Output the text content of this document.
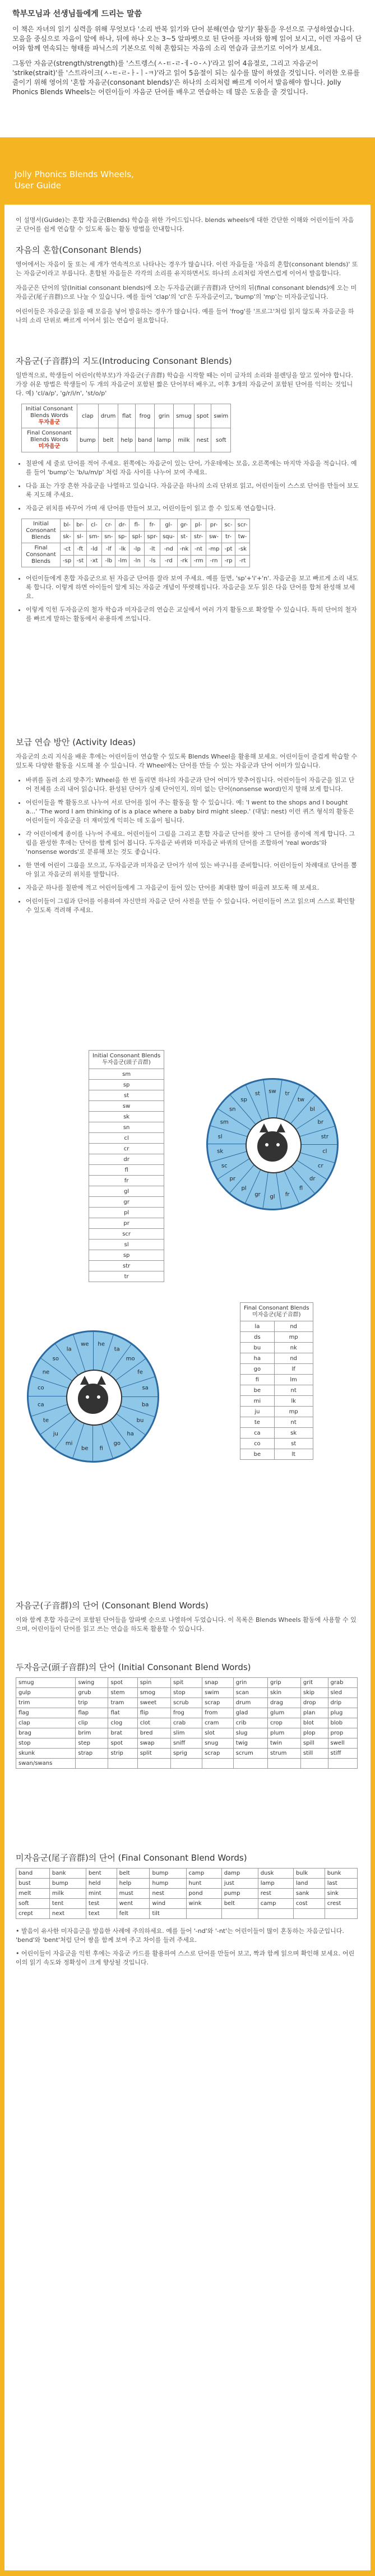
학부모님과 선생님들에게 드리는 말씀
이 책은 자녀의 읽기 실력을 위해 무엇보다 '소리 반복 읽기와 단어 분해(연습 알기)' 활동을 우선으로 구성하였습니다. 모음을 중심으로 자음이 앞에 하나, 뒤에 하나 오는 3~5 알파벳으로 된 단어를 자녀와 함께 읽어 보시고, 이런 자음이 단어와 함께 연속되는 형태를 파닉스의 기본으로 익혀 혼합되는 자음의 소리 연습과 글쓰기로 이어가 보세요.
그동안 자음군(strength/strength)를 '스트렝스(ㅅ-ㅌ-ㄹ-ㅔ-ㅇ-ㅅ)'라고 읽어 4음절로, 그리고 자음군이 'strike(strait)'를 '스트라이크(ㅅ-ㅌ-ㄹ-ㅏ-ㅣ-ㅋ)'라고 읽어 5음절이 되는 실수를 많이 하였을 것입니다. 이러한 오류를 줄이기 위해 영어의 '혼합 자음군(consonant blends)'은 하나의 소리처럼 빠르게 이어서 발음해야 합니다. Jolly Phonics Blends Wheels는 어린이들이 자음군 단어를 배우고 연습하는 데 많은 도움을 줄 것입니다.
Jolly Phonics Blends Wheels,
User Guide
이 설명서(Guide)는 혼합 자음군(Blends) 학습을 위한 가이드입니다. blends wheels에 대한 간단한 이해와 어린이들이 자음군 단어를 쉽게 연습할 수 있도록 돕는 활동 방법을 안내합니다.
자음의 혼합(Consonant Blends)
영어에서는 자음이 둘 또는 세 개가 연속적으로 나타나는 경우가 많습니다. 이런 자음들을 '자음의 혼합(consonant blends)' 또는 자음군이라고 부릅니다. 혼합된 자음들은 각각의 소리를 유지하면서도 하나의 소리처럼 자연스럽게 이어서 발음합니다.
자음군은 단어의 앞(Initial consonant blends)에 오는 두자음군(頭子音群)과 단어의 뒤(final consonant blends)에 오는 미자음군(尾子音群)으로 나눌 수 있습니다. 예를 들어 'clap'의 'cl'은 두자음군이고, 'bump'의 'mp'는 미자음군입니다.
어린이들은 자음군을 읽을 때 모음을 넣어 발음하는 경우가 많습니다. 예를 들어 'frog'를 '프로그'처럼 읽지 않도록 자음군을 하나의 소리 단위로 빠르게 이어서 읽는 연습이 필요합니다.
자음군(子音群)의 지도(Introducing Consonant Blends)
일반적으로, 학생들이 어린이(학부모)가 자음군(子音群) 학습을 시작할 때는 이미 글자의 소리와 블렌딩을 알고 있어야 합니다. 가장 쉬운 방법은 학생들이 두 개의 자음군이 포함된 짧은 단어부터 배우고, 이후 3개의 자음군이 포함된 단어를 익히는 것입니다. 예) 'cl/a/p', 'g/r/i/n', 'st/o/p'
Initial Consonant Blends Words
두자음군	clap	drum	flat	frog	grin	smug	spot	swim

Final Consonant Blends Words
미자음군	bump	belt	help	band	lamp	milk	nest	soft
• 칠판에 세 줄로 단어를 적어 주세요. 왼쪽에는 자음군이 있는 단어, 가운데에는 모음, 오른쪽에는 마지막 자음을 적습니다. 예를 들어 'bump'는 'b/u/m/p' 처럼 자음 사이를 나누어 보여 주세요.
• 다음 표는 가장 흔한 자음군을 나열하고 있습니다. 자음군을 하나의 소리 단위로 읽고, 어린이들이 스스로 단어를 만들어 보도록 지도해 주세요.
• 자음군 위치를 바꾸어 가며 새 단어를 만들어 보고, 어린이들이 읽고 쓸 수 있도록 연습합니다.
Initial Consonant Blends	bl-	br-	cl-	cr-	dr-	fl-	fr-	gl-	gr-	pl-	pr-	sc-	scr-
	sk-	sl-	sm-	sn-	sp-	spl-	spr-	squ-	st-	str-	sw-	tr-	tw-
Final Consonant Blends	-ct	-ft	-ld	-lf	-lk	-lp	-lt	-nd	-nk	-nt	-mp	-pt	-sk
	-sp	-st	-xt	-lb	-lm	-ln	-ls	-rd	-rk	-rm	-rn	-rp	-rt
• 어린이들에게 혼합 자음군으로 된 자음군 단어를 잘라 보여 주세요. 예를 들면, 'sp'+'i'+'n'. 자음군을 보고 빠르게 소리 내도록 합니다. 이렇게 하면 아이들이 알게 되는 자음군 개념이 뚜렷해집니다. 자음군을 모두 읽은 다음 단어를 합쳐 완성해 보세요.
• 이렇게 익힌 두자음군의 철자 학습과 미자음군의 연습은 교실에서 여러 가지 활동으로 확장할 수 있습니다. 특히 단어의 철자를 빠르게 말하는 활동에서 유용하게 쓰입니다.
보급 연습 방안 (Activity Ideas)
자음군의 소리 지식을 배운 후에는 어린이들이 연습할 수 있도록 Blends Wheel을 활용해 보세요. 어린이들이 즐겁게 학습할 수 있도록 다양한 활동을 시도해 볼 수 있습니다. 각 Wheel에는 단어를 만들 수 있는 자음군과 단어 어미가 있습니다.
• 바퀴를 돌려 소리 맞추기: Wheel을 한 번 돌리면 하나의 자음군과 단어 어미가 맞추어집니다. 어린이들이 자음군을 읽고 단어 전체를 소리 내어 읽습니다. 완성된 단어가 실제 단어인지, 의미 없는 단어(nonsense word)인지 말해 보게 합니다.
• 어린이들을 짝 활동으로 나누어 서로 단어를 읽어 주는 활동을 할 수 있습니다. 예: 'I went to the shops and I bought a...' 'The word I am thinking of is a place where a baby bird might sleep.' (대답: nest) 이런 퀴즈 형식의 활동은 어린이들이 자음군을 더 재미있게 익히는 데 도움이 됩니다.
• 각 어린이에게 종이를 나누어 주세요. 어린이들이 그림을 그리고 혼합 자음군 단어를 찾아 그 단어를 종이에 적게 합니다. 그림을 완성한 후에는 단어를 함께 읽어 봅니다. 두자음군 바퀴와 미자음군 바퀴의 단어를 조합하여 'real words'와 'nonsense words'로 분류해 보는 것도 좋습니다.
• 한 면에 어린이 그룹을 모으고, 두자음군과 미자음군 단어가 섞여 있는 바구니를 준비합니다. 어린이들이 차례대로 단어를 뽑아 읽고 자음군의 위치를 말합니다.
• 자음군 하나를 칠판에 적고 어린이들에게 그 자음군이 들어 있는 단어를 최대한 많이 떠올려 보도록 해 보세요.
• 어린이들이 그림과 단어를 이용하여 자신만의 자음군 단어 사전을 만들 수 있습니다. 어린이들이 쓰고 읽으며 스스로 확인할 수 있도록 격려해 주세요.
Initial Consonant Blends
두자음군(頭子音群)

sm
sp
st
sw
sk
sn
cl
cr
dr
fl
fr
gl
gr
pl
pr
scr
sl
sp
str
tr
cl
cr
dr
fl
fr
gl
gr
pl
pr
sc
sk
sl
sm
sn
sp
st sw tr
tw
bl
br
str
ba
bu
ha
go
fi
be
mi
ju
te
ca
co
ne
so
la
we he
ta
mo
fe
sa
Final Consonant Blends
미자음군(尾子音群)	

la	nd
ds	mp
bu	nk
ha	nd
go	lf
fi	lm
be	nt
mi	lk
ju	mp
te	nt
ca	sk
co	st
be	lt
자음군(子音群)의 단어 (Consonant Blend Words)
이와 함께 혼합 자음군이 포함된 단어들을 알파벳 순으로 나열하여 두었습니다. 이 목록은 Blends Wheels 활동에 사용할 수 있으며, 어린이들이 단어를 읽고 쓰는 연습을 하도록 활용할 수 있습니다.
두자음군(頭子音群)의 단어 (Initial Consonant Blend Words)
smug	swing	spot	spin	spit	snap	grin	grip	grit	grab
gulp	grub	stem	smog	stop	swim	scan	skin	skip	sled
trim	trip	tram	sweet	scrub	scrap	drum	drag	drop	drip
flag	flap	flat	flip	frog	from	glad	glum	plan	plug
clap	clip	clog	clot	crab	cram	crib	crop	blot	blob
brag	brim	brat	bred	slim	slot	slug	plum	plop	prop
stop	step	spot	swap	sniff	snug	twig	twin	spill	swell
skunk	strap	strip	split	sprig	scrap	scrum	strum	still	stiff
swan/swans									
미자음군(尾子音群)의 단어 (Final Consonant Blend Words)
band	bank	bent	belt	bump	camp	damp	dusk	bulk	bunk
bust	bump	held	help	hump	hunt	just	lamp	land	last
melt	milk	mint	must	nest	pond	pump	rest	sank	sink
soft	tent	test	went	wind	wink	belt	camp	cost	crest
crept	next	text	felt	tilt					
• 발음이 유사한 미자음군을 발음한 사례에 주의하세요. 예를 들어 '-nd'와 '-nt'는 어린이들이 많이 혼동하는 자음군입니다. 'bend'와 'bent'처럼 단어 쌍을 함께 보여 주고 차이를 들려 주세요.
• 어린이들이 자음군을 익힌 후에는 자음군 카드를 활용하여 스스로 단어를 만들어 보고, 짝과 함께 읽으며 확인해 보세요. 어린이의 읽기 속도와 정확성이 크게 향상될 것입니다.
